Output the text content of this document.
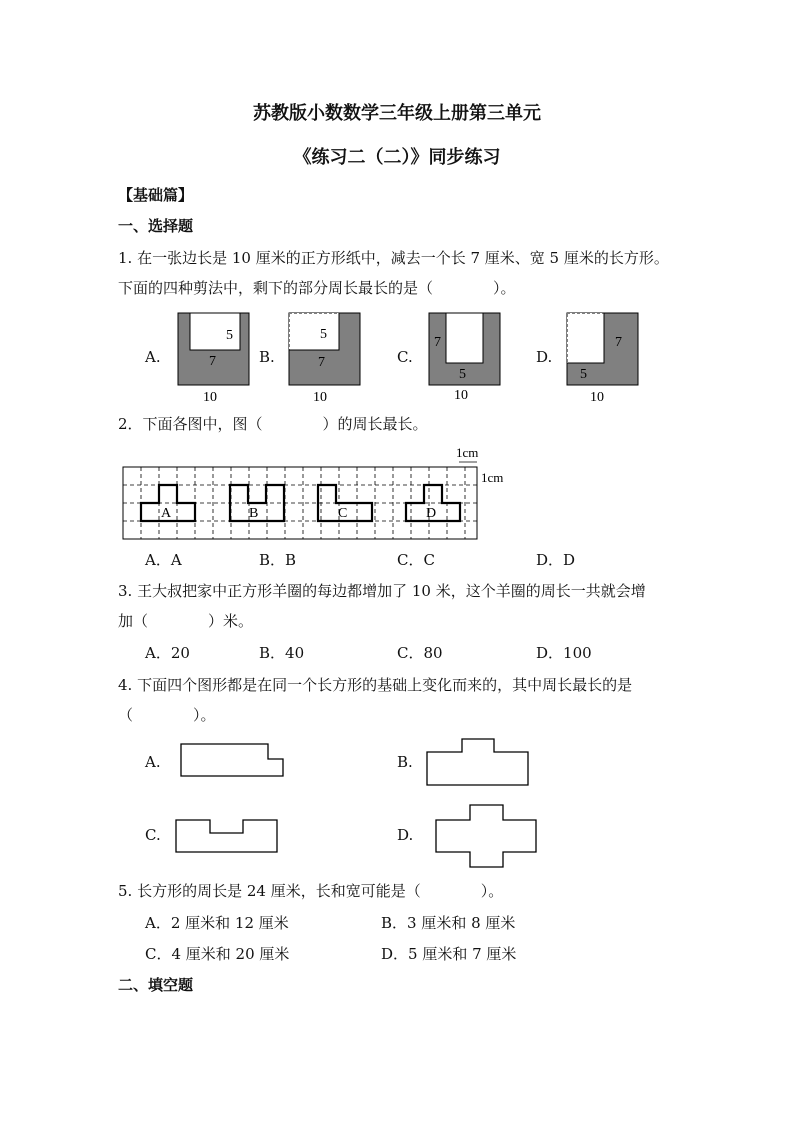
苏教版小数数学三年级上册第三单元
《练习二（二）》同步练习
【基础篇】
一、选择题
1. 在一张边长是 10 厘米的正方形纸中，减去一个长 7 厘米、宽 5 厘米的长方形。
下面的四种剪法中，剩下的部分周长最长的是（　　　　）。
A.	B.	C.	D.
5
7
10
5
7
10
7
5
10
7
5
10
1cm
1cm
A	B	C	D
2．下面各图中，图（　　　　）的周长最长。
A．A	B．B	C．C	D．D
3. 王大叔把家中正方形羊圈的每边都增加了 10 米，这个羊圈的周长一共就会增
加（　　　　）米。
A．20	B．40	C．80	D．100
4. 下面四个图形都是在同一个长方形的基础上变化而来的，其中周长最长的是
（　　　　）。
A.	B.
C.	D.
5. 长方形的周长是 24 厘米，长和宽可能是（　　　　）。
A．2 厘米和 12 厘米	B．3 厘米和 8 厘米
C．4 厘米和 20 厘米	D．5 厘米和 7 厘米
二、填空题
